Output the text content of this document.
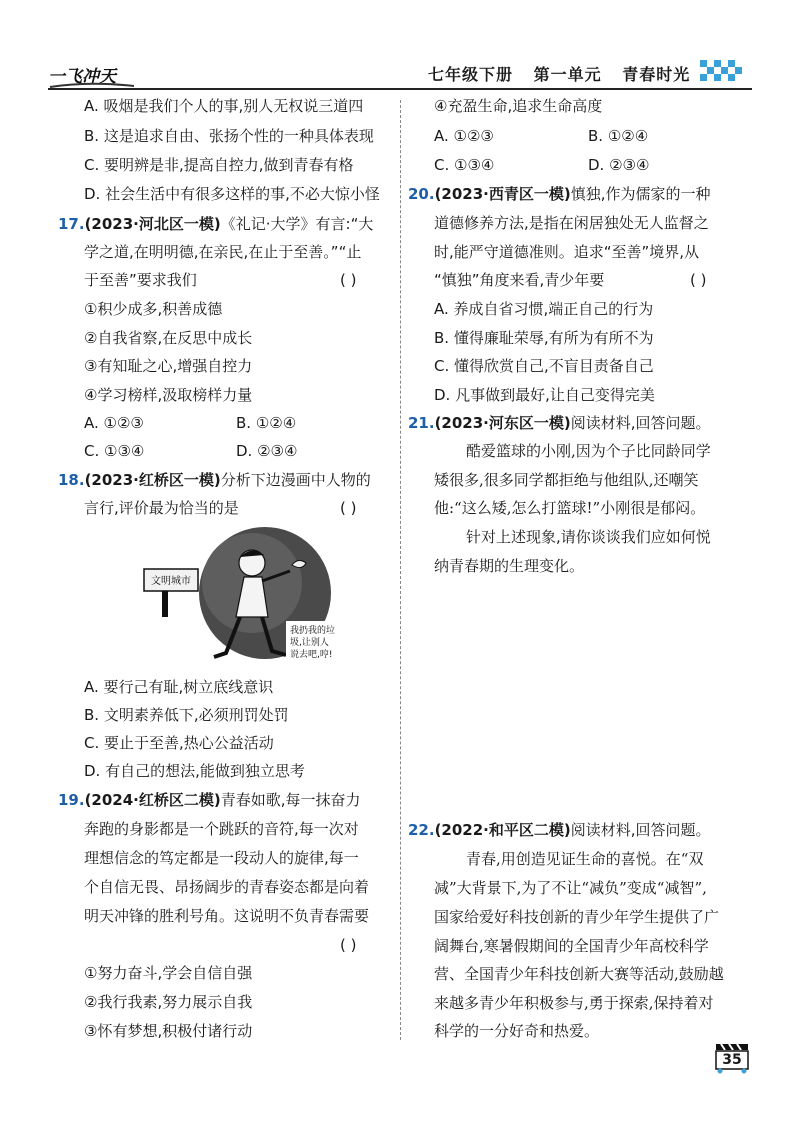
一飞冲天	七年级下册 第一单元 青春时光
A. 吸烟是我们个人的事,别人无权说三道四
B. 这是追求自由、张扬个性的一种具体表现
C. 要明辨是非,提高自控力,做到青春有格
D. 社会生活中有很多这样的事,不必大惊小怪
17.(2023·河北区一模)《礼记·大学》有言:“大
学之道,在明明德,在亲民,在止于至善。”“止
于至善”要求我们	( )
①积少成多,积善成德
②自我省察,在反思中成长
③有知耻之心,增强自控力
④学习榜样,汲取榜样力量
A. ①②③	B. ①②④
C. ①③④	D. ②③④
18.(2023·红桥区一模)分析下边漫画中人物的
言行,评价最为恰当的是	( )
文明城市
我扔我的垃
圾,让别人
说去吧,哼!
A. 要行己有耻,树立底线意识
B. 文明素养低下,必须刑罚处罚
C. 要止于至善,热心公益活动
D. 有自己的想法,能做到独立思考
19.(2024·红桥区二模)青春如歌,每一抹奋力
奔跑的身影都是一个跳跃的音符,每一次对
理想信念的笃定都是一段动人的旋律,每一
个自信无畏、昂扬阔步的青春姿态都是向着
明天冲锋的胜利号角。这说明不负青春需要
( )
①努力奋斗,学会自信自强
②我行我素,努力展示自我
③怀有梦想,积极付诸行动
④充盈生命,追求生命高度
A. ①②③	B. ①②④
C. ①③④	D. ②③④
20.(2023·西青区一模)慎独,作为儒家的一种
道德修养方法,是指在闲居独处无人监督之
时,能严守道德准则。追求“至善”境界,从
“慎独”角度来看,青少年要	( )
A. 养成自省习惯,端正自己的行为
B. 懂得廉耻荣辱,有所为有所不为
C. 懂得欣赏自己,不盲目责备自己
D. 凡事做到最好,让自己变得完美
21.(2023·河东区一模)阅读材料,回答问题。
酷爱篮球的小刚,因为个子比同龄同学
矮很多,很多同学都拒绝与他组队,还嘲笑
他:“这么矮,怎么打篮球!”小刚很是郁闷。
针对上述现象,请你谈谈我们应如何悦
纳青春期的生理变化。
22.(2022·和平区二模)阅读材料,回答问题。
青春,用创造见证生命的喜悦。在“双
减”大背景下,为了不让“减负”变成“减智”,
国家给爱好科技创新的青少年学生提供了广
阔舞台,寒暑假期间的全国青少年高校科学
营、全国青少年科技创新大赛等活动,鼓励越
来越多青少年积极参与,勇于探索,保持着对
科学的一分好奇和热爱。
35
